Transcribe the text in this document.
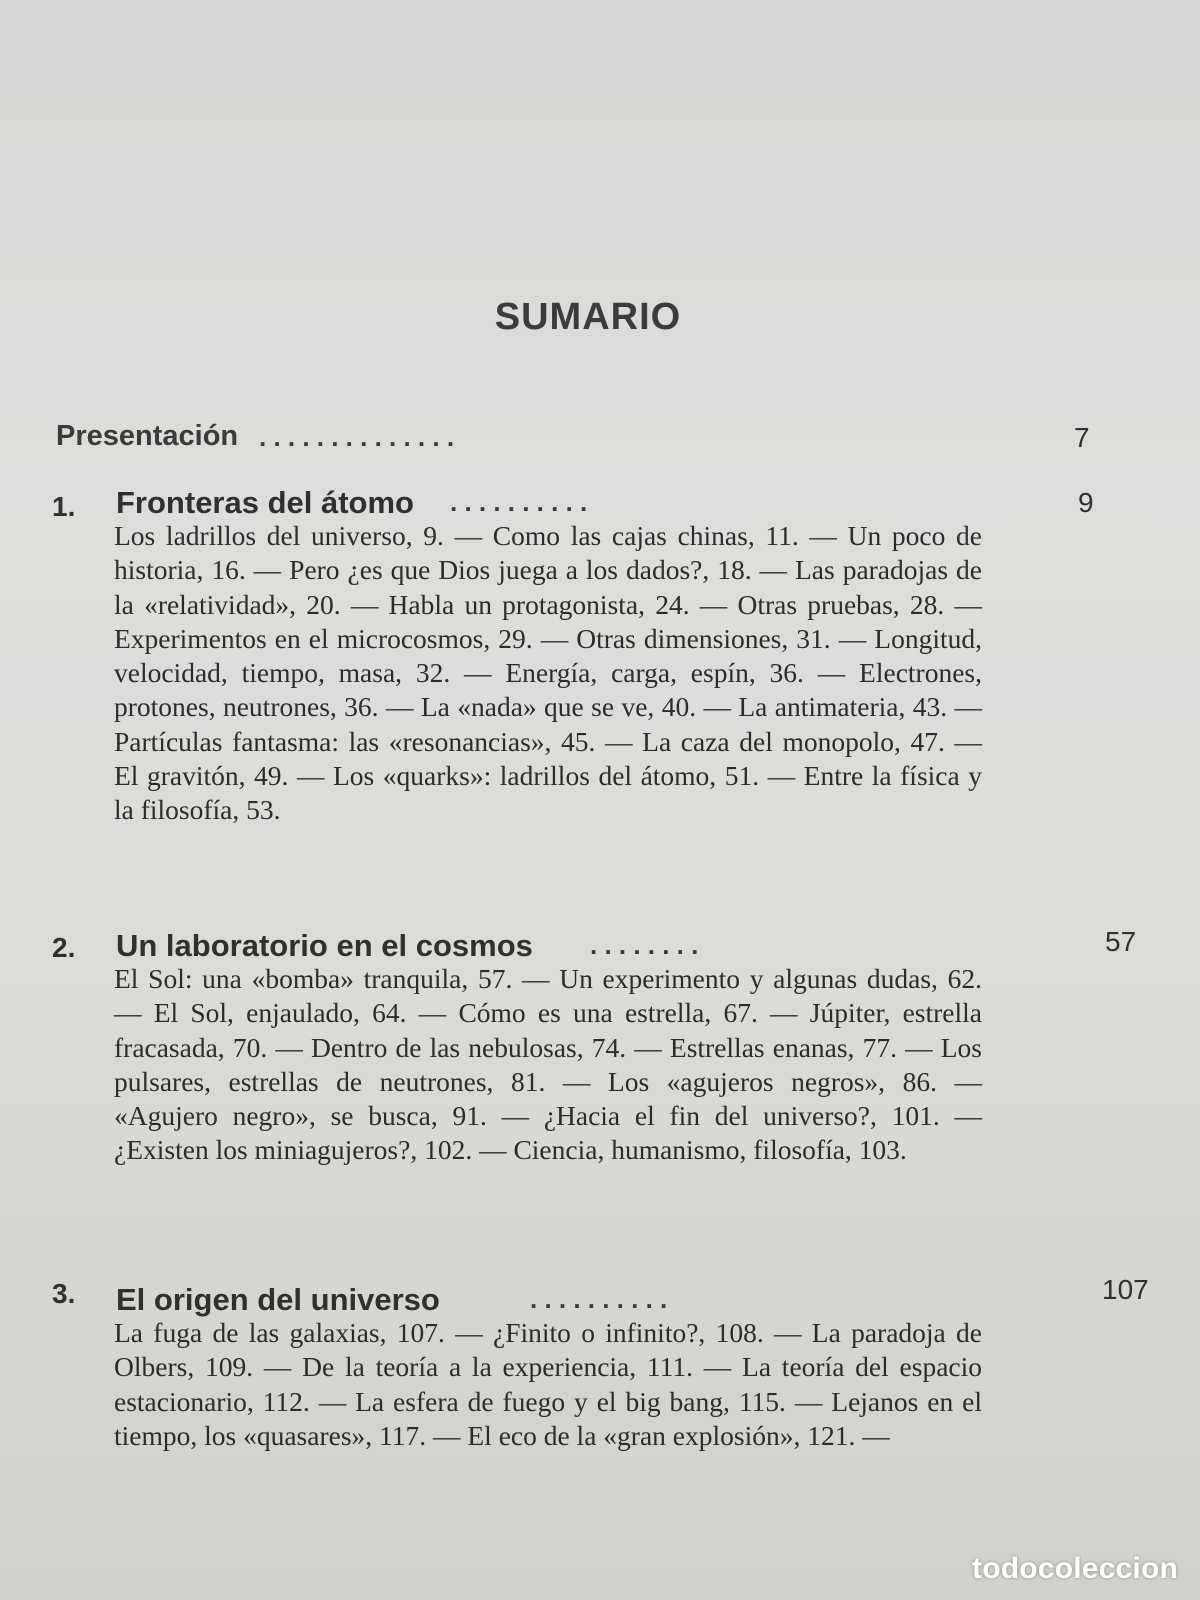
SUMARIO
Presentación . . . . . . . . . . . . . .	7
1. Fronteras del átomo . . . . . . . . . .	9
Los ladrillos del universo, 9. — Como las cajas chinas, 11. — Un poco de historia, 16. — Pero ¿es que Dios juega a los dados?, 18. — Las paradojas de la «relatividad», 20. — Habla un protagonista, 24. — Otras pruebas, 28. — Experimentos en el microcosmos, 29. — Otras dimensiones, 31. — Longitud, velocidad, tiempo, masa, 32. — Energía, carga, espín, 36. — Electrones, protones, neutrones, 36. — La «nada» que se ve, 40. — La antimateria, 43. — Partículas fantasma: las «resonancias», 45. — La caza del monopolo, 47. — El gravitón, 49. — Los «quarks»: ladrillos del átomo, 51. — Entre la física y la filosofía, 53.
2. Un laboratorio en el cosmos . . . . . . . .	57
El Sol: una «bomba» tranquila, 57. — Un experimento y algunas dudas, 62. — El Sol, enjaulado, 64. — Cómo es una estrella, 67. — Júpiter, estrella fracasada, 70. — Dentro de las nebulosas, 74. — Estrellas enanas, 77. — Los pulsares, estrellas de neutrones, 81. — Los «agujeros negros», 86. — «Agujero negro», se busca, 91. — ¿Hacia el fin del universo?, 101. — ¿Existen los miniagujeros?, 102. — Ciencia, humanismo, filosofía, 103.
3. El origen del universo	. . . . . . . . . .	107
La fuga de las galaxias, 107. — ¿Finito o infinito?, 108. — La paradoja de Olbers, 109. — De la teoría a la experiencia, 111. — La teoría del espacio estacionario, 112. — La esfera de fuego y el big bang, 115. — Lejanos en el tiempo, los «quasares», 117. — El eco de la «gran explosión», 121. —
todocoleccion
